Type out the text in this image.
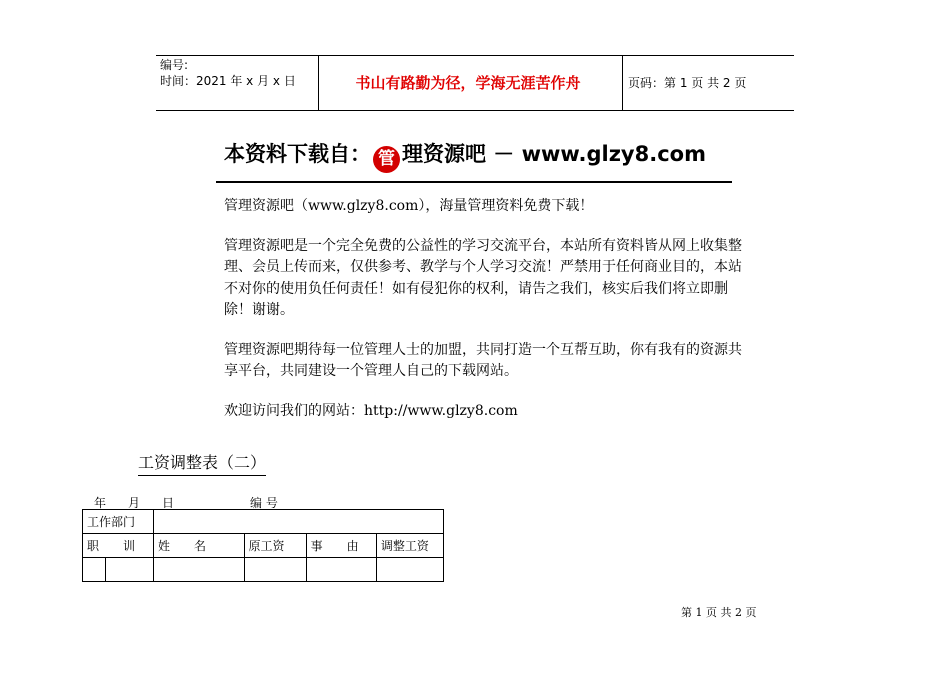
编号:
时间：2021 年 x 月 x 日	书山有路勤为径，学海无涯苦作舟	页码：第 1 页 共 2 页
本资料下载自： 管 理资源吧 － www.glzy8.com

管理资源吧（www.glzy8.com），海量管理资料免费下载！

管理资源吧是一个完全免费的公益性的学习交流平台，本站所有资料皆从网上收集整理、会员上传而来，仅供参考、教学与个人学习交流！严禁用于任何商业目的，本站不对你的使用负任何责任！如有侵犯你的权利，请告之我们，核实后我们将立即删除！谢谢。

管理资源吧期待每一位管理人士的加盟，共同打造一个互帮互助，你有我有的资源共享平台，共同建设一个管理人自己的下载网站。

欢迎访问我们的网站：http://www.glzy8.com

工资调整表（二）
年 月 日	编 号
工作部门					
职　　训		姓　　名	原工资	事　　由	调整工资

第 1 页 共 2 页
